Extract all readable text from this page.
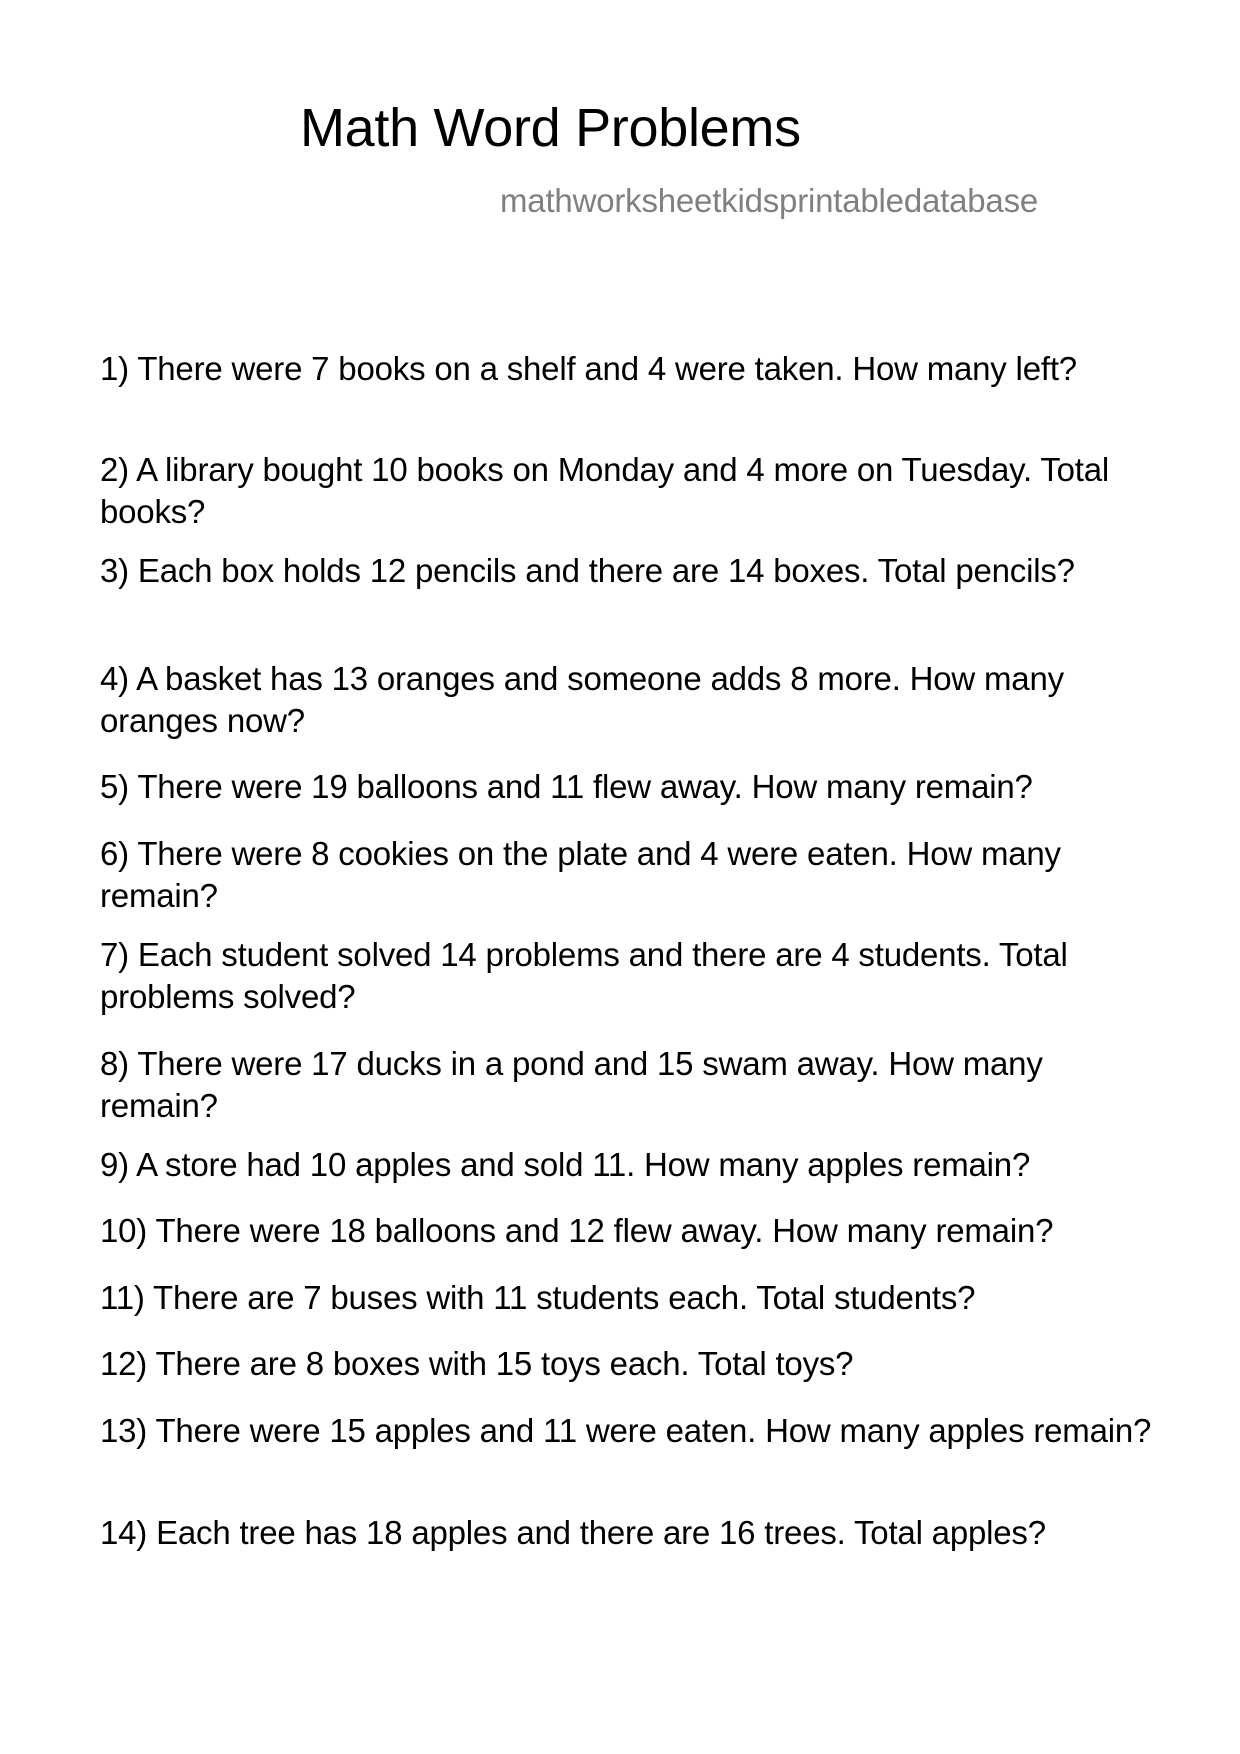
Math Word Problems
mathworksheetkidsprintabledatabase

1) There were 7 books on a shelf and 4 were taken. How many left?

2) A library bought 10 books on Monday and 4 more on Tuesday. Total books?

3) Each box holds 12 pencils and there are 14 boxes. Total pencils?

4) A basket has 13 oranges and someone adds 8 more. How many oranges now?

5) There were 19 balloons and 11 flew away. How many remain?

6) There were 8 cookies on the plate and 4 were eaten. How many remain?

7) Each student solved 14 problems and there are 4 students. Total problems solved?

8) There were 17 ducks in a pond and 15 swam away. How many remain?

9) A store had 10 apples and sold 11. How many apples remain?

10) There were 18 balloons and 12 flew away. How many remain?

11) There are 7 buses with 11 students each. Total students?

12) There are 8 boxes with 15 toys each. Total toys?

13) There were 15 apples and 11 were eaten. How many apples remain?

14) Each tree has 18 apples and there are 16 trees. Total apples?
